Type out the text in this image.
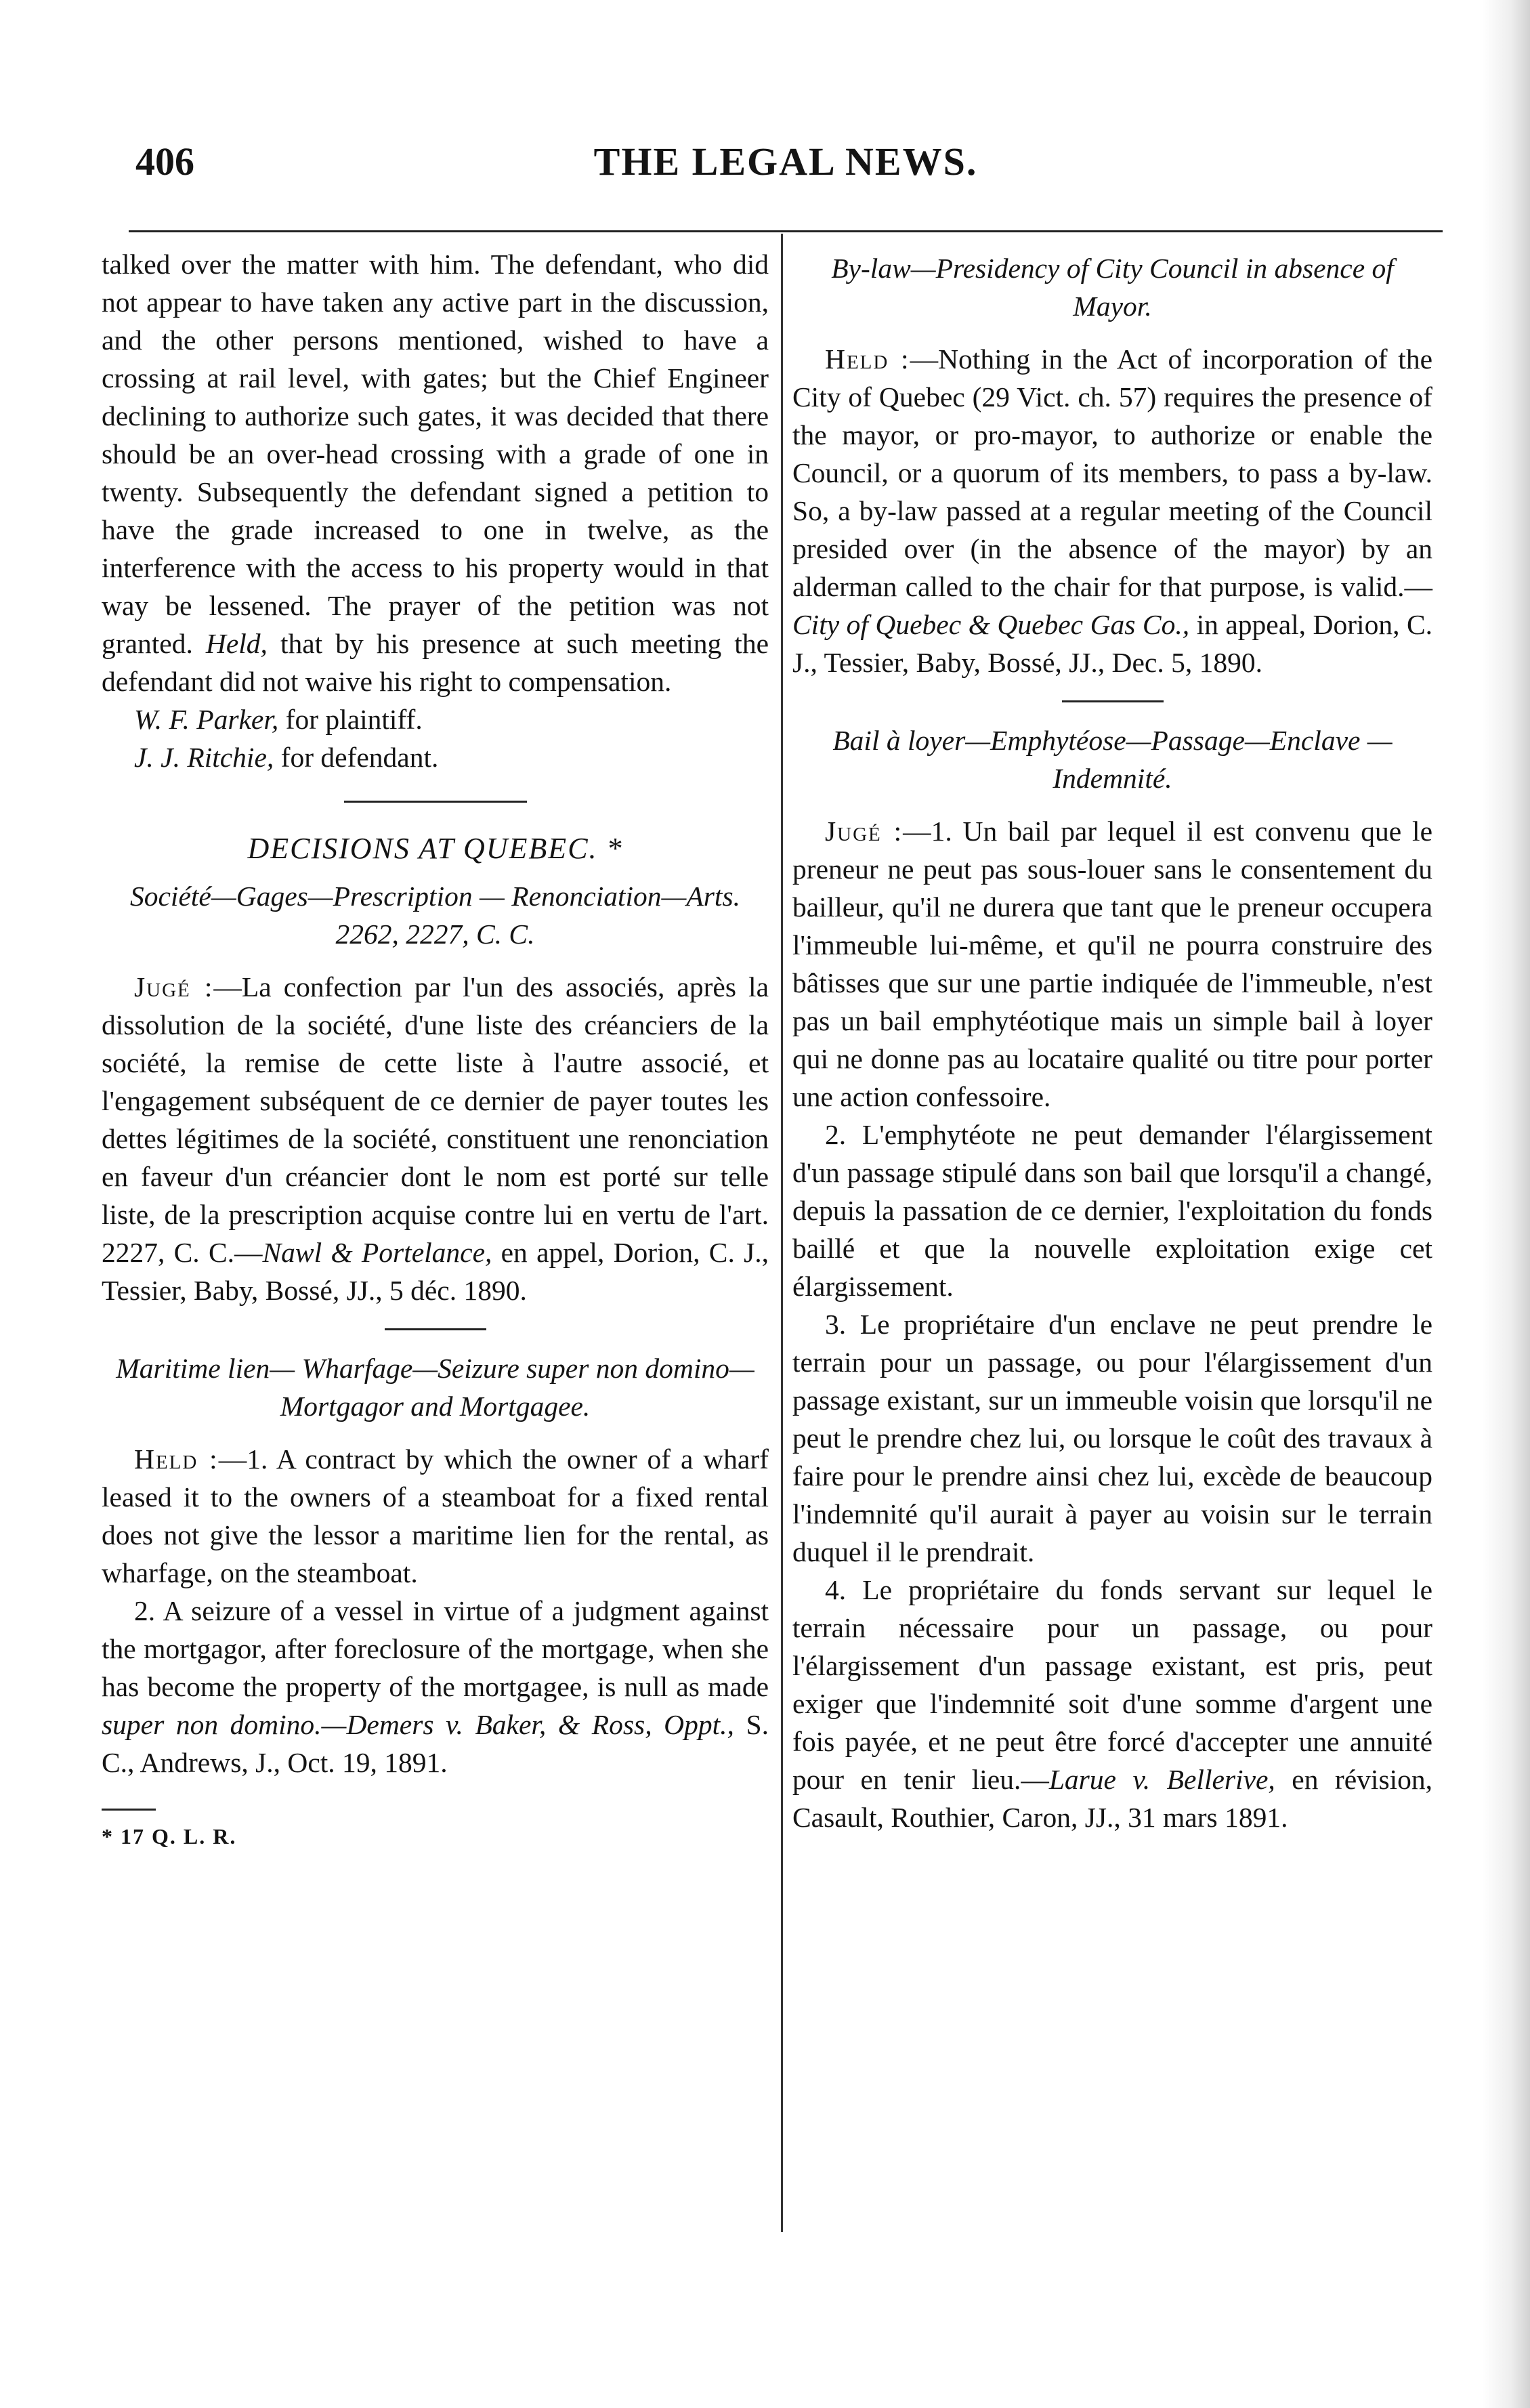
406	THE LEGAL NEWS.

talked over the matter with him. The defendant, who did not appear to have taken any active part in the discussion, and the other persons mentioned, wished to have a crossing at rail level, with gates; but the Chief Engineer declining to authorize such gates, it was decided that there should be an over-head crossing with a grade of one in twenty. Subsequently the defendant signed a petition to have the grade increased to one in twelve, as the interference with the access to his property would in that way be lessened. The prayer of the petition was not granted. Held, that by his presence at such meeting the defendant did not waive his right to compensation.

W. F. Parker, for plaintiff.

J. J. Ritchie, for defendant.

DECISIONS AT QUEBEC. *
Société—Gages—Prescription — Renonciation—Arts. 2262, 2227, C. C.

Jugé :—La confection par l'un des associés, après la dissolution de la société, d'une liste des créanciers de la société, la remise de cette liste à l'autre associé, et l'engagement subséquent de ce dernier de payer toutes les dettes légitimes de la société, constituent une renonciation en faveur d'un créancier dont le nom est porté sur telle liste, de la prescription acquise contre lui en vertu de l'art. 2227, C. C.—Nawl & Portelance, en appel, Dorion, C. J., Tessier, Baby, Bossé, JJ., 5 déc. 1890.

Maritime lien— Wharfage—Seizure super non domino—Mortgagor and Mortgagee.

Held :—1. A contract by which the owner of a wharf leased it to the owners of a steamboat for a fixed rental does not give the lessor a maritime lien for the rental, as wharfage, on the steamboat.

2. A seizure of a vessel in virtue of a judgment against the mortgagor, after foreclosure of the mortgage, when she has become the property of the mortgagee, is null as made super non domino.—Demers v. Baker, & Ross, Oppt., S. C., Andrews, J., Oct. 19, 1891.

* 17 Q. L. R.
By-law—Presidency of City Council in absence of Mayor.

Held :—Nothing in the Act of incorporation of the City of Quebec (29 Vict. ch. 57) requires the presence of the mayor, or pro-mayor, to authorize or enable the Council, or a quorum of its members, to pass a by-law. So, a by-law passed at a regular meeting of the Council presided over (in the absence of the mayor) by an alderman called to the chair for that purpose, is valid.—City of Quebec & Quebec Gas Co., in appeal, Dorion, C. J., Tessier, Baby, Bossé, JJ., Dec. 5, 1890.

Bail à loyer—Emphytéose—Passage—Enclave —Indemnité.

Jugé :—1. Un bail par lequel il est convenu que le preneur ne peut pas sous-louer sans le consentement du bailleur, qu'il ne durera que tant que le preneur occupera l'immeuble lui-même, et qu'il ne pourra construire des bâtisses que sur une partie indiquée de l'immeuble, n'est pas un bail emphytéotique mais un simple bail à loyer qui ne donne pas au locataire qualité ou titre pour porter une action confessoire.

2. L'emphytéote ne peut demander l'élargissement d'un passage stipulé dans son bail que lorsqu'il a changé, depuis la passation de ce dernier, l'exploitation du fonds baillé et que la nouvelle exploitation exige cet élargissement.

3. Le propriétaire d'un enclave ne peut prendre le terrain pour un passage, ou pour l'élargissement d'un passage existant, sur un immeuble voisin que lorsqu'il ne peut le prendre chez lui, ou lorsque le coût des travaux à faire pour le prendre ainsi chez lui, excède de beaucoup l'indemnité qu'il aurait à payer au voisin sur le terrain duquel il le prendrait.

4. Le propriétaire du fonds servant sur lequel le terrain nécessaire pour un passage, ou pour l'élargissement d'un passage existant, est pris, peut exiger que l'indemnité soit d'une somme d'argent une fois payée, et ne peut être forcé d'accepter une annuité pour en tenir lieu.—Larue v. Bellerive, en révision, Casault, Routhier, Caron, JJ., 31 mars 1891.
